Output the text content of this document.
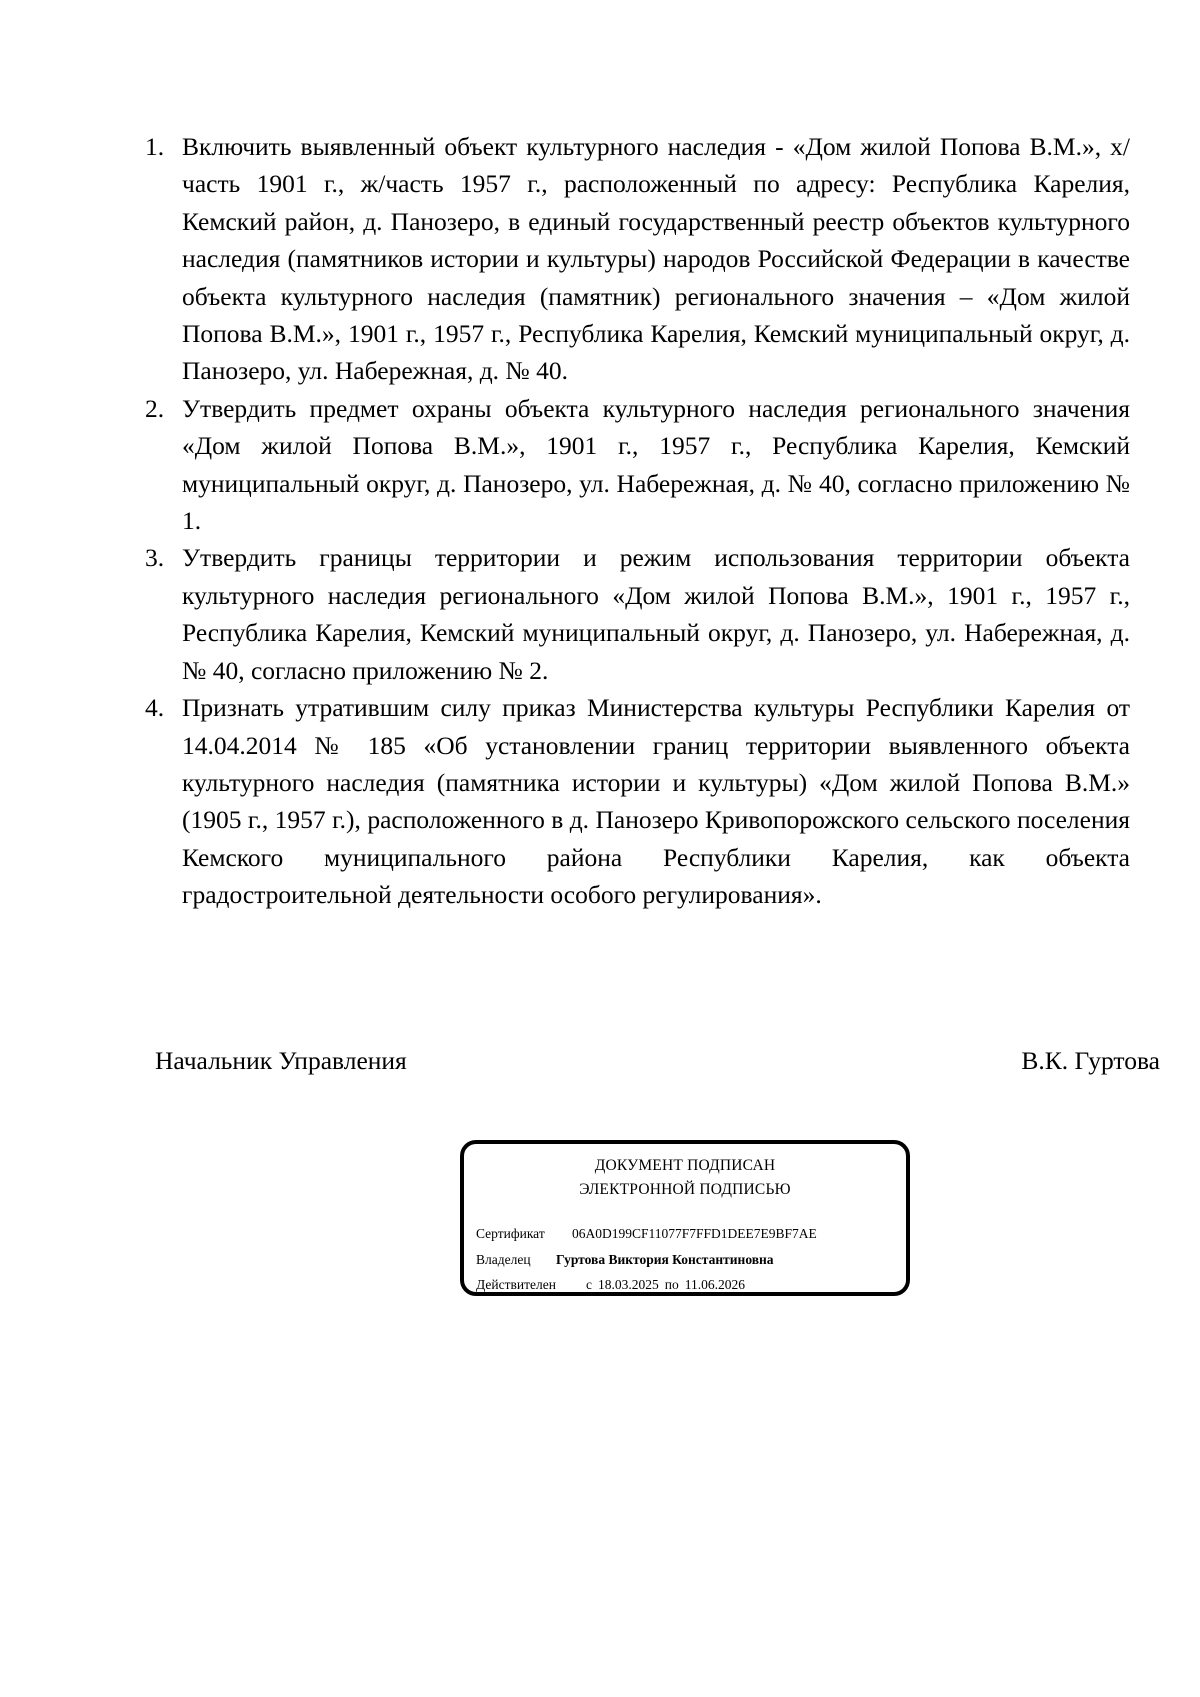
1. Включить выявленный объект культурного наследия - «Дом жилой Попова В.М.», х/часть 1901 г., ж/часть 1957 г., расположенный по адресу: Республика Карелия, Кемский район, д. Панозеро, в единый государственный реестр объектов культурного наследия (памятников истории и культуры) народов Российской Федерации в качестве объекта культурного наследия (памятник) регионального значения – «Дом жилой Попова В.М.», 1901 г., 1957 г., Республика Карелия, Кемский муниципальный округ, д. Панозеро, ул. Набережная, д. № 40.
2. Утвердить предмет охраны объекта культурного наследия регионального значения «Дом жилой Попова В.М.», 1901 г., 1957 г., Республика Карелия, Кемский муниципальный округ, д. Панозеро, ул. Набережная, д. № 40, согласно приложению № 1.
3. Утвердить границы территории и режим использования территории объекта культурного наследия регионального «Дом жилой Попова В.М.», 1901 г., 1957 г., Республика Карелия, Кемский муниципальный округ, д. Панозеро, ул. Набережная, д. № 40, согласно приложению № 2.
4. Признать утратившим силу приказ Министерства культуры Республики Карелия от 14.04.2014 № 185 «Об установлении границ территории выявленного объекта культурного наследия (памятника истории и культуры) «Дом жилой Попова В.М.» (1905 г., 1957 г.), расположенного в д. Панозеро Кривопорожского сельского поселения Кемского муниципального района Республики Карелия, как объекта градостроительной деятельности особого регулирования».
Начальник Управления	В.К. Гуртова
ДОКУМЕНТ ПОДПИСАН
ЭЛЕКТРОННОЙ ПОДПИСЬЮ
Сертификат 06A0D199CF11077F7FFD1DEE7E9BF7AE
Владелец Гуртова Виктория Константиновна
Действителен с 18.03.2025 по 11.06.2026
